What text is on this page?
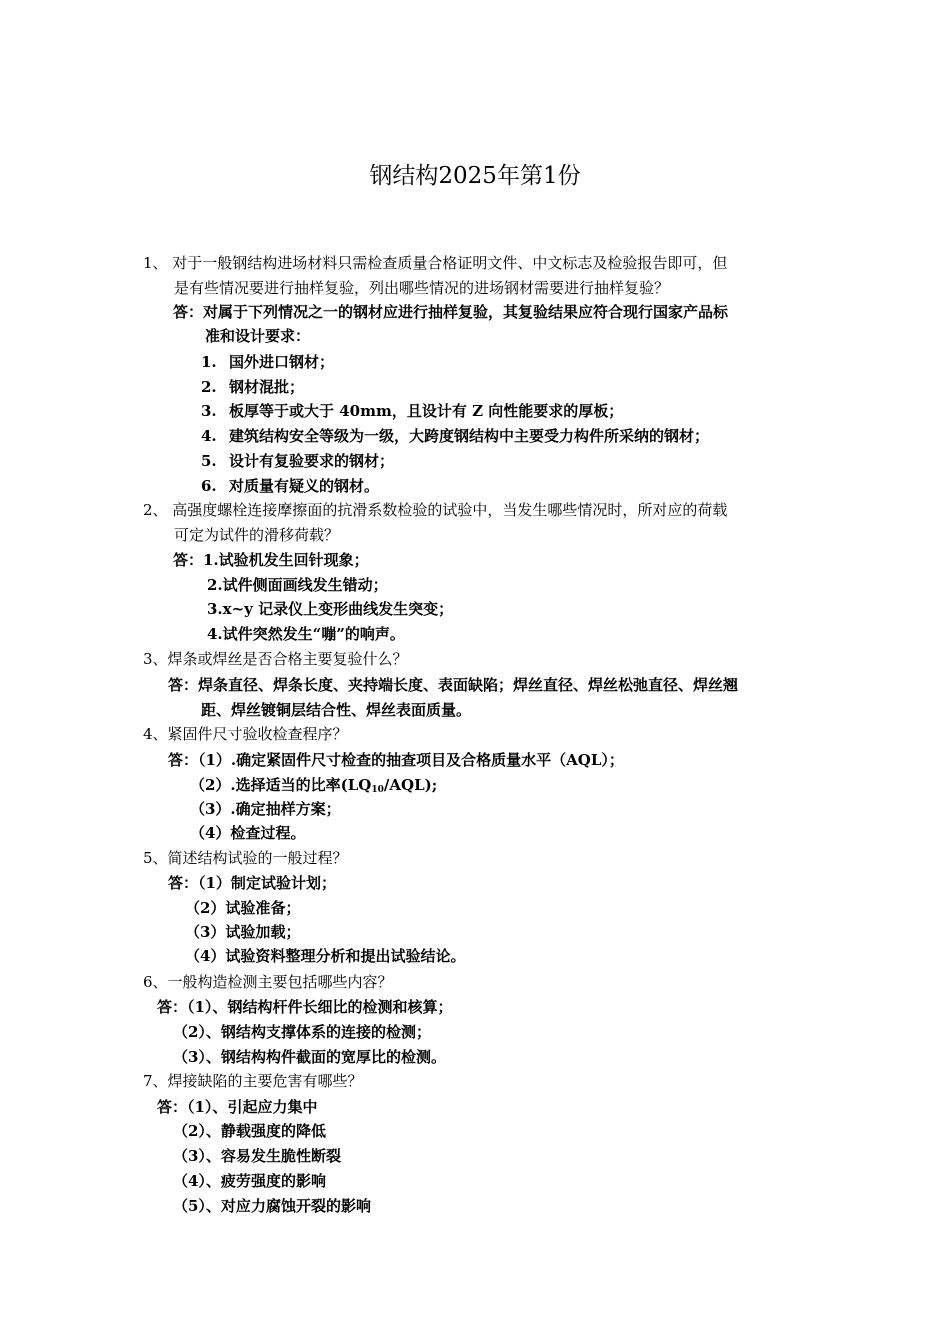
钢结构2025年第1份
1、 对于一般钢结构进场材料只需检查质量合格证明文件、中文标志及检验报告即可，但
是有些情况要进行抽样复验，列出哪些情况的进场钢材需要进行抽样复验？
答：对属于下列情况之一的钢材应进行抽样复验，其复验结果应符合现行国家产品标
准和设计要求：
1. 国外进口钢材；
2. 钢材混批；
3. 板厚等于或大于 40mm，且设计有 Z 向性能要求的厚板；
4. 建筑结构安全等级为一级，大跨度钢结构中主要受力构件所采纳的钢材；
5. 设计有复验要求的钢材；
6. 对质量有疑义的钢材。
2、 高强度螺栓连接摩擦面的抗滑系数检验的试验中，当发生哪些情况时，所对应的荷载
可定为试件的滑移荷载？
答：1.试验机发生回针现象；
2.试件侧面画线发生错动；
3.x~y 记录仪上变形曲线发生突变；
4.试件突然发生“嘣”的响声。
3、焊条或焊丝是否合格主要复验什么？
答：焊条直径、焊条长度、夹持端长度、表面缺陷；焊丝直径、焊丝松弛直径、焊丝翘
距、焊丝镀铜层结合性、焊丝表面质量。
4、紧固件尺寸验收检查程序？
答：（1）.确定紧固件尺寸检查的抽查项目及合格质量水平（AQL）；
（2）.选择适当的比率$(LQ_{10}/AQL)$;
（3）.确定抽样方案；
（4）检查过程。
5、简述结构试验的一般过程？
答：（1）制定试验计划；
（2）试验准备；
（3）试验加载；
（4）试验资料整理分析和提出试验结论。
6、一般构造检测主要包括哪些内容？
答：（1）、钢结构杆件长细比的检测和核算；
（2）、钢结构支撑体系的连接的检测；
（3）、钢结构构件截面的宽厚比的检测。
7、焊接缺陷的主要危害有哪些？
答：（1）、引起应力集中
（2）、静载强度的降低
（3）、容易发生脆性断裂
（4）、疲劳强度的影响
（5）、对应力腐蚀开裂的影响
